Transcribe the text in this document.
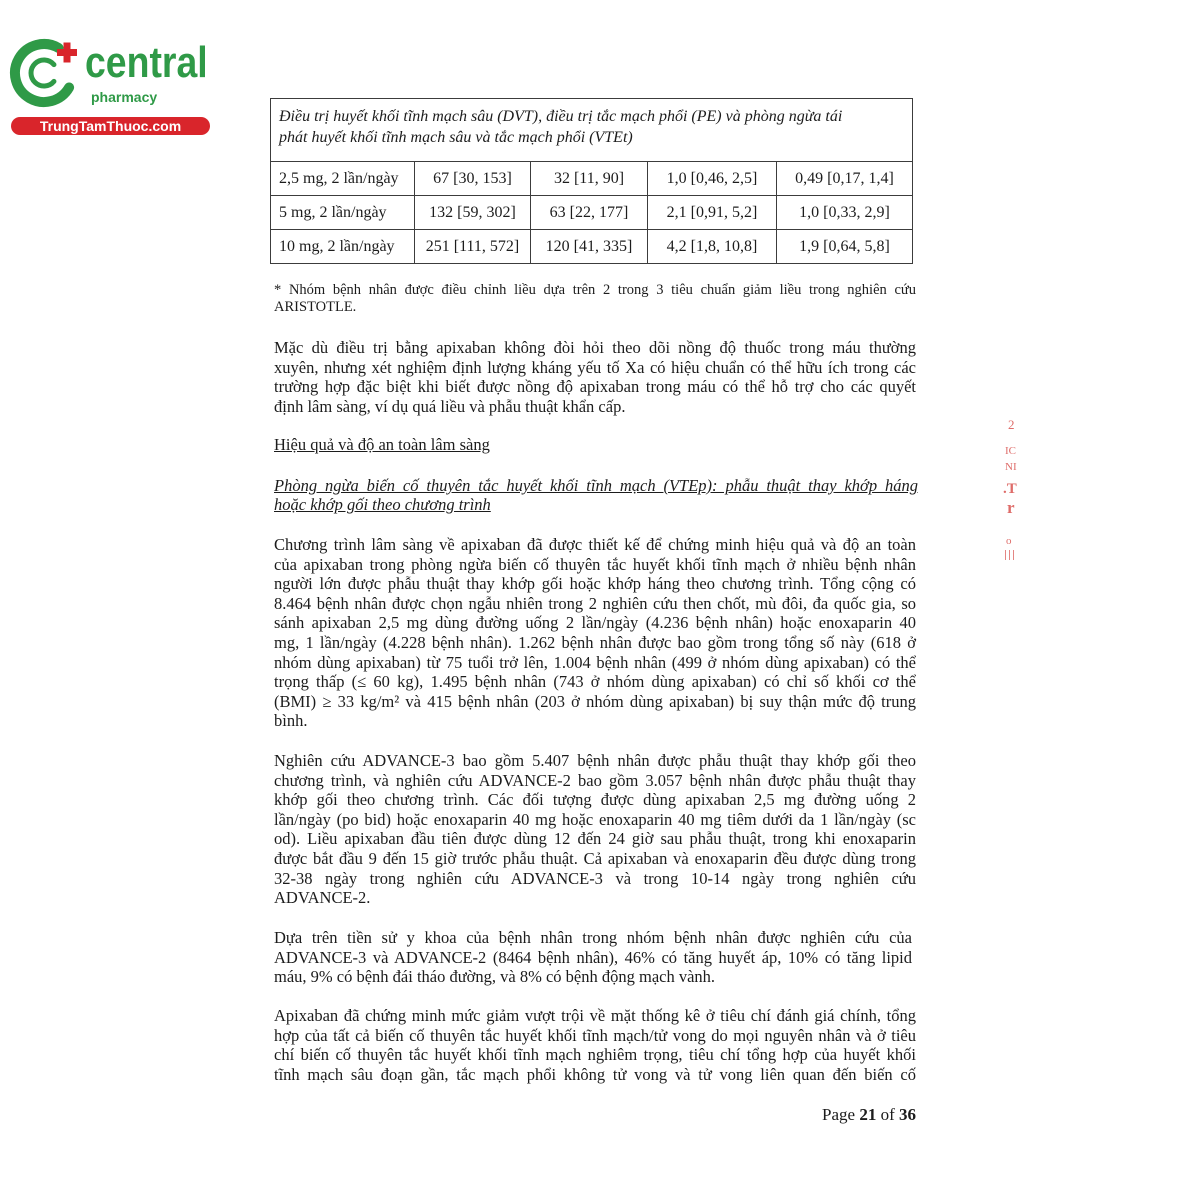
central
pharmacy
TrungTamThuoc.com
Điều trị huyết khối tĩnh mạch sâu (DVT), điều trị tắc mạch phổi (PE) và phòng ngừa tái
phát huyết khối tĩnh mạch sâu và tắc mạch phổi (VTEt)				

2,5 mg, 2 lần/ngày	67 [30, 153]	32 [11, 90]	1,0 [0,46, 2,5]	0,49 [0,17, 1,4]
5 mg, 2 lần/ngày	132 [59, 302]	63 [22, 177]	2,1 [0,91, 5,2]	1,0 [0,33, 2,9]
10 mg, 2 lần/ngày	251 [111, 572]	120 [41, 335]	4,2 [1,8, 10,8]	1,9 [0,64, 5,8]
* Nhóm bệnh nhân được điều chỉnh liều dựa trên 2 trong 3 tiêu chuẩn giảm liều trong nghiên cứu
ARISTOTLE.
Mặc dù điều trị bằng apixaban không đòi hỏi theo dõi nồng độ thuốc trong máu thường
xuyên, nhưng xét nghiệm định lượng kháng yếu tố Xa có hiệu chuẩn có thể hữu ích trong các
trường hợp đặc biệt khi biết được nồng độ apixaban trong máu có thể hỗ trợ cho các quyết
định lâm sàng, ví dụ quá liều và phẫu thuật khẩn cấp.
Hiệu quả và độ an toàn lâm sàng
Phòng ngừa biến cố thuyên tắc huyết khối tĩnh mạch (VTEp): phẫu thuật thay khớp háng
hoặc khớp gối theo chương trình
Chương trình lâm sàng về apixaban đã được thiết kế để chứng minh hiệu quả và độ an toàn
của apixaban trong phòng ngừa biến cố thuyên tắc huyết khối tĩnh mạch ở nhiều bệnh nhân
người lớn được phẫu thuật thay khớp gối hoặc khớp háng theo chương trình. Tổng cộng có
8.464 bệnh nhân được chọn ngẫu nhiên trong 2 nghiên cứu then chốt, mù đôi, đa quốc gia, so
sánh apixaban 2,5 mg dùng đường uống 2 lần/ngày (4.236 bệnh nhân) hoặc enoxaparin 40
mg, 1 lần/ngày (4.228 bệnh nhân). 1.262 bệnh nhân được bao gồm trong tổng số này (618 ở
nhóm dùng apixaban) từ 75 tuổi trở lên, 1.004 bệnh nhân (499 ở nhóm dùng apixaban) có thể
trọng thấp (≤ 60 kg), 1.495 bệnh nhân (743 ở nhóm dùng apixaban) có chỉ số khối cơ thể
(BMI) ≥ 33 kg/m² và 415 bệnh nhân (203 ở nhóm dùng apixaban) bị suy thận mức độ trung
bình.
Nghiên cứu ADVANCE-3 bao gồm 5.407 bệnh nhân được phẫu thuật thay khớp gối theo
chương trình, và nghiên cứu ADVANCE-2 bao gồm 3.057 bệnh nhân được phẫu thuật thay
khớp gối theo chương trình. Các đối tượng được dùng apixaban 2,5 mg đường uống 2
lần/ngày (po bid) hoặc enoxaparin 40 mg hoặc enoxaparin 40 mg tiêm dưới da 1 lần/ngày (sc
od). Liều apixaban đầu tiên được dùng 12 đến 24 giờ sau phẫu thuật, trong khi enoxaparin
được bắt đầu 9 đến 15 giờ trước phẫu thuật. Cả apixaban và enoxaparin đều được dùng trong
32-38 ngày trong nghiên cứu ADVANCE-3 và trong 10-14 ngày trong nghiên cứu
ADVANCE-2.
Dựa trên tiền sử y khoa của bệnh nhân trong nhóm bệnh nhân được nghiên cứu của
ADVANCE-3 và ADVANCE-2 (8464 bệnh nhân), 46% có tăng huyết áp, 10% có tăng lipid
máu, 9% có bệnh đái tháo đường, và 8% có bệnh động mạch vành.
Apixaban đã chứng minh mức giảm vượt trội về mặt thống kê ở tiêu chí đánh giá chính, tổng
hợp của tất cả biến cố thuyên tắc huyết khối tĩnh mạch/tử vong do mọi nguyên nhân và ở tiêu
chí biến cố thuyên tắc huyết khối tĩnh mạch nghiêm trọng, tiêu chí tổng hợp của huyết khối
tĩnh mạch sâu đoạn gần, tắc mạch phổi không tử vong và tử vong liên quan đến biến cố
Page 21 of 36
2
IC
NI
.T
r
o
